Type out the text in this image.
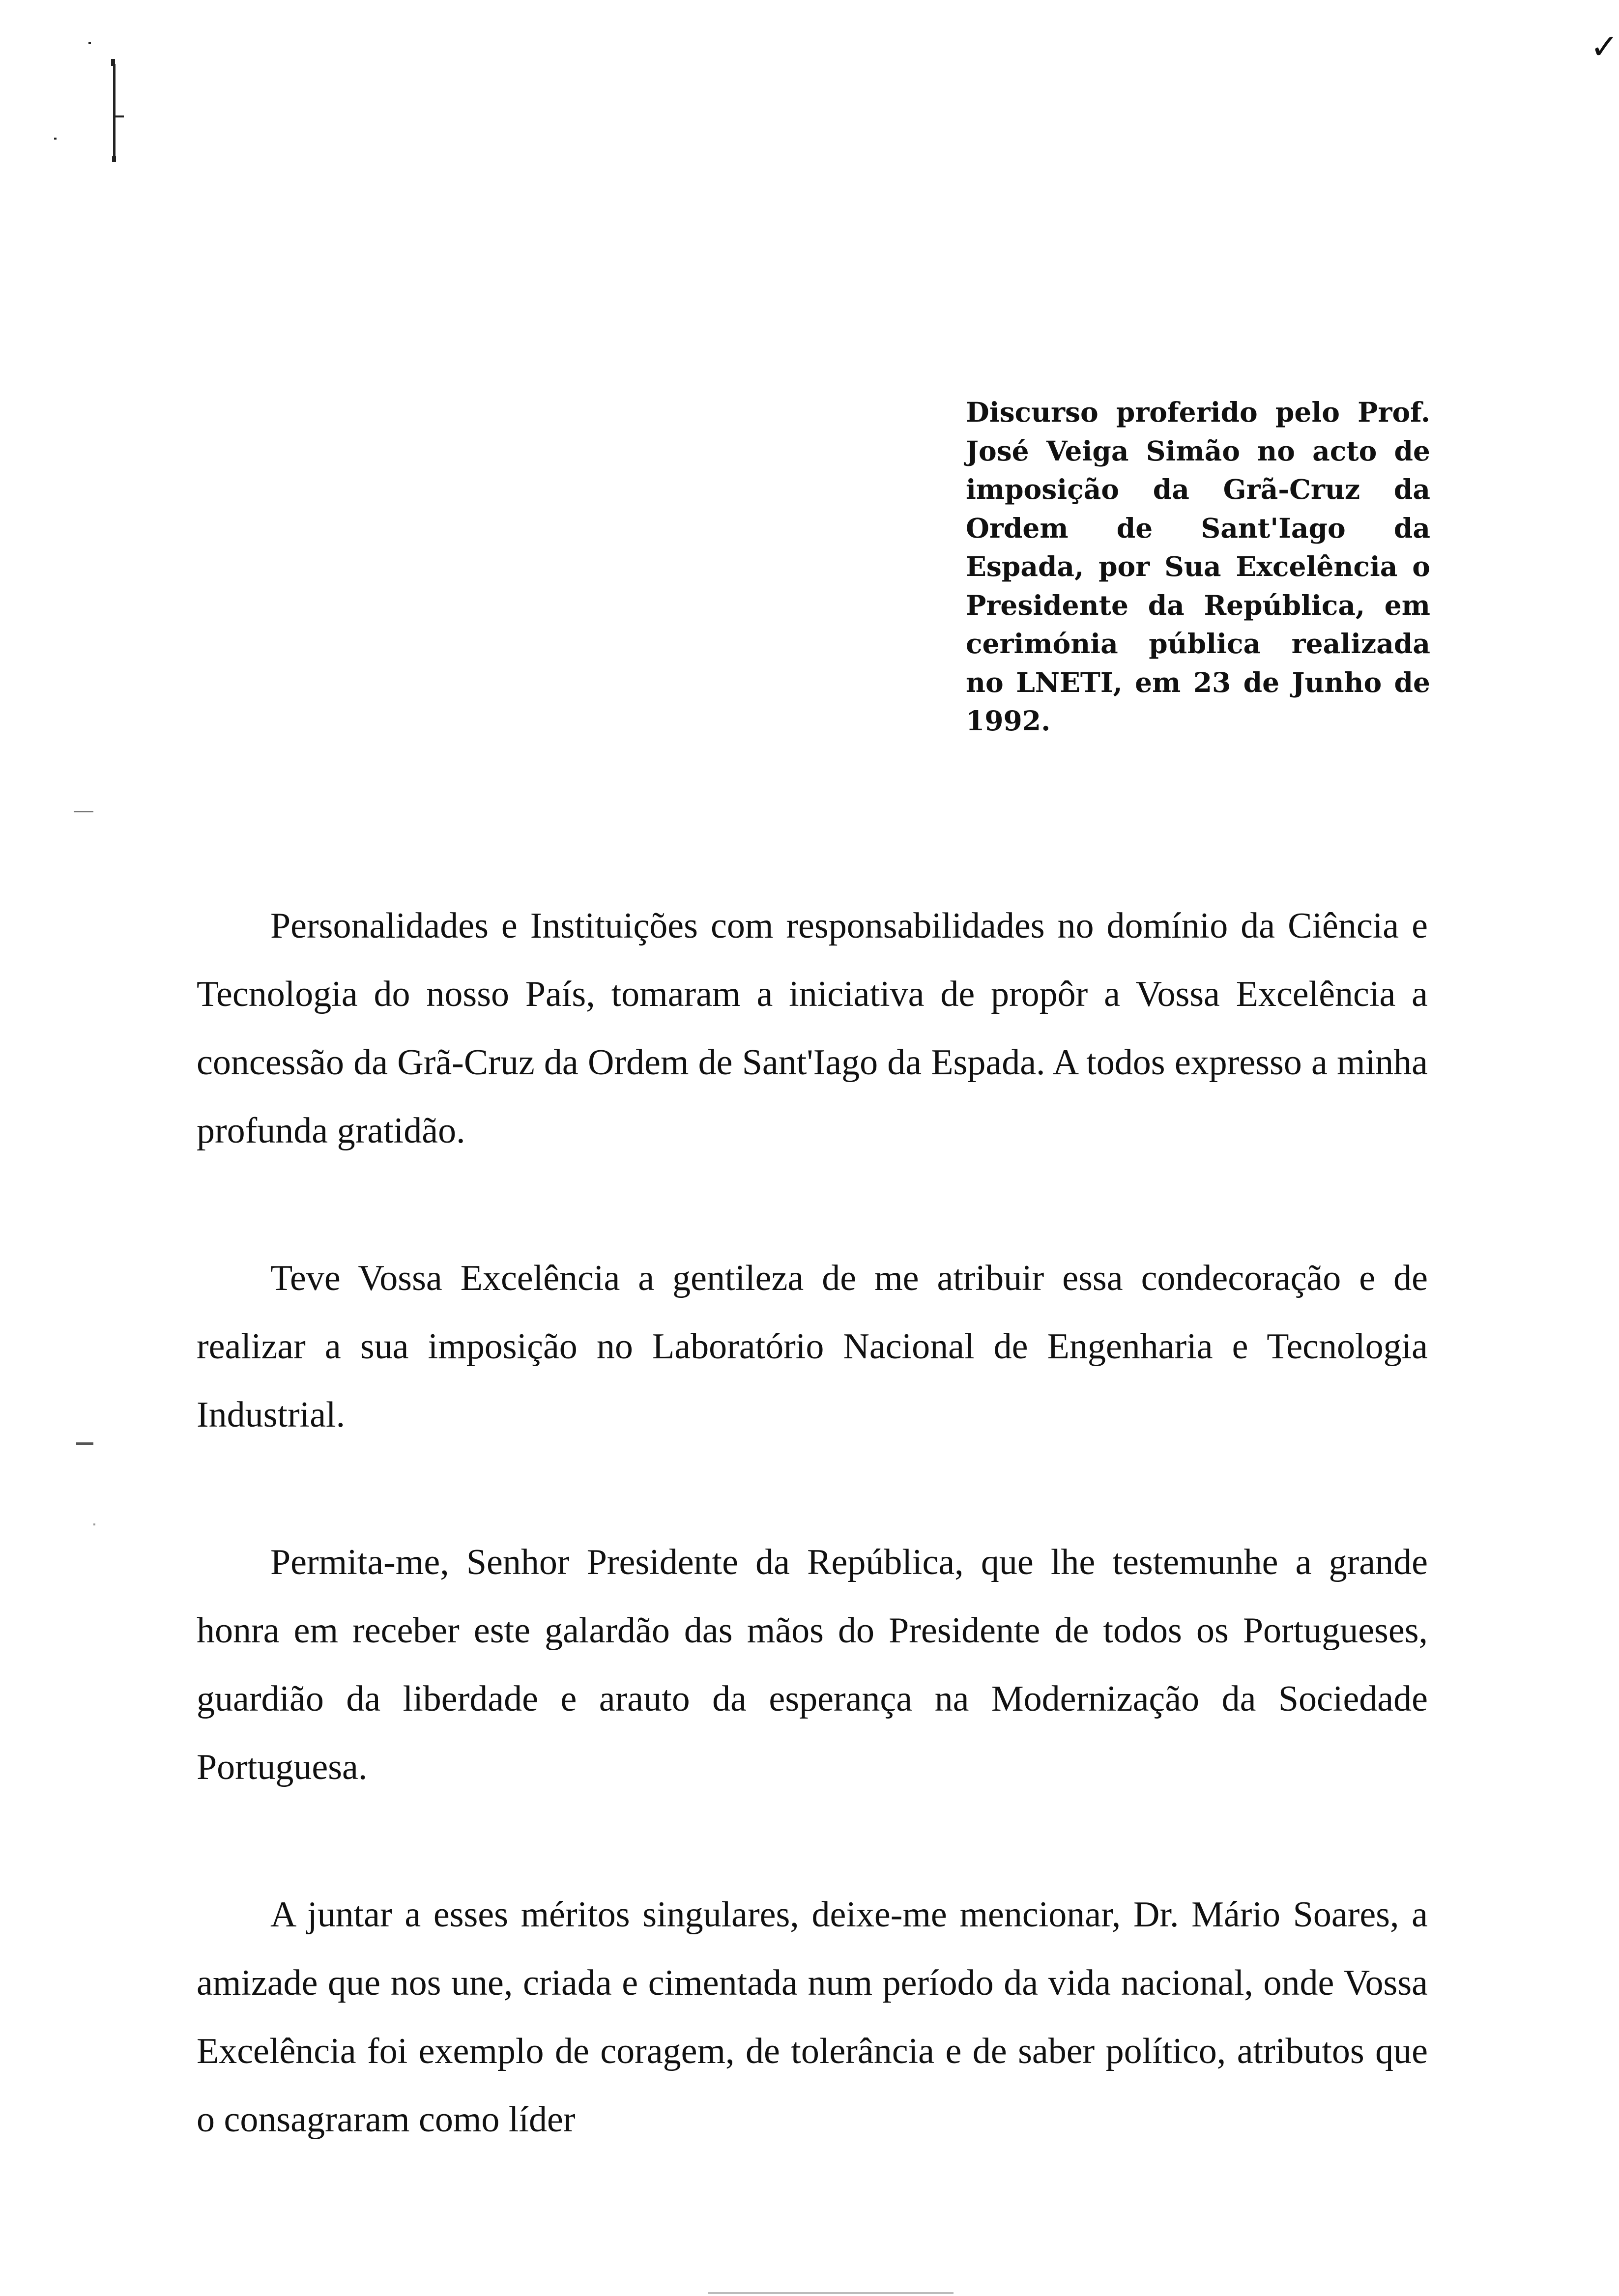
✓

Discurso proferido pelo Prof. José Veiga Simão no acto de imposição da Grã-Cruz da Ordem de Sant'Iago da Espada, por Sua Excelência o Presidente da República, em cerimónia pública realizada no LNETI, em 23 de Junho de 1992.

Personalidades e Instituições com responsabilidades no domínio da Ciência e Tecnologia do nosso País, tomaram a iniciativa de propôr a Vossa Excelência a concessão da Grã-Cruz da Ordem de Sant'Iago da Espada. A todos expresso a minha profunda gratidão.

Teve Vossa Excelência a gentileza de me atribuir essa condecoração e de realizar a sua imposição no Laboratório Nacional de Engenharia e Tecnologia Industrial.

Permita-me, Senhor Presidente da República, que lhe testemunhe a grande honra em receber este galardão das mãos do Presidente de todos os Portugueses, guardião da liberdade e arauto da esperança na Modernização da Sociedade Portuguesa.

A juntar a esses méritos singulares, deixe-me mencionar, Dr. Mário Soares, a amizade que nos une, criada e cimentada num período da vida nacional, onde Vossa Excelência foi exemplo de coragem, de tolerância e de saber político, atributos que o consagraram como líder
